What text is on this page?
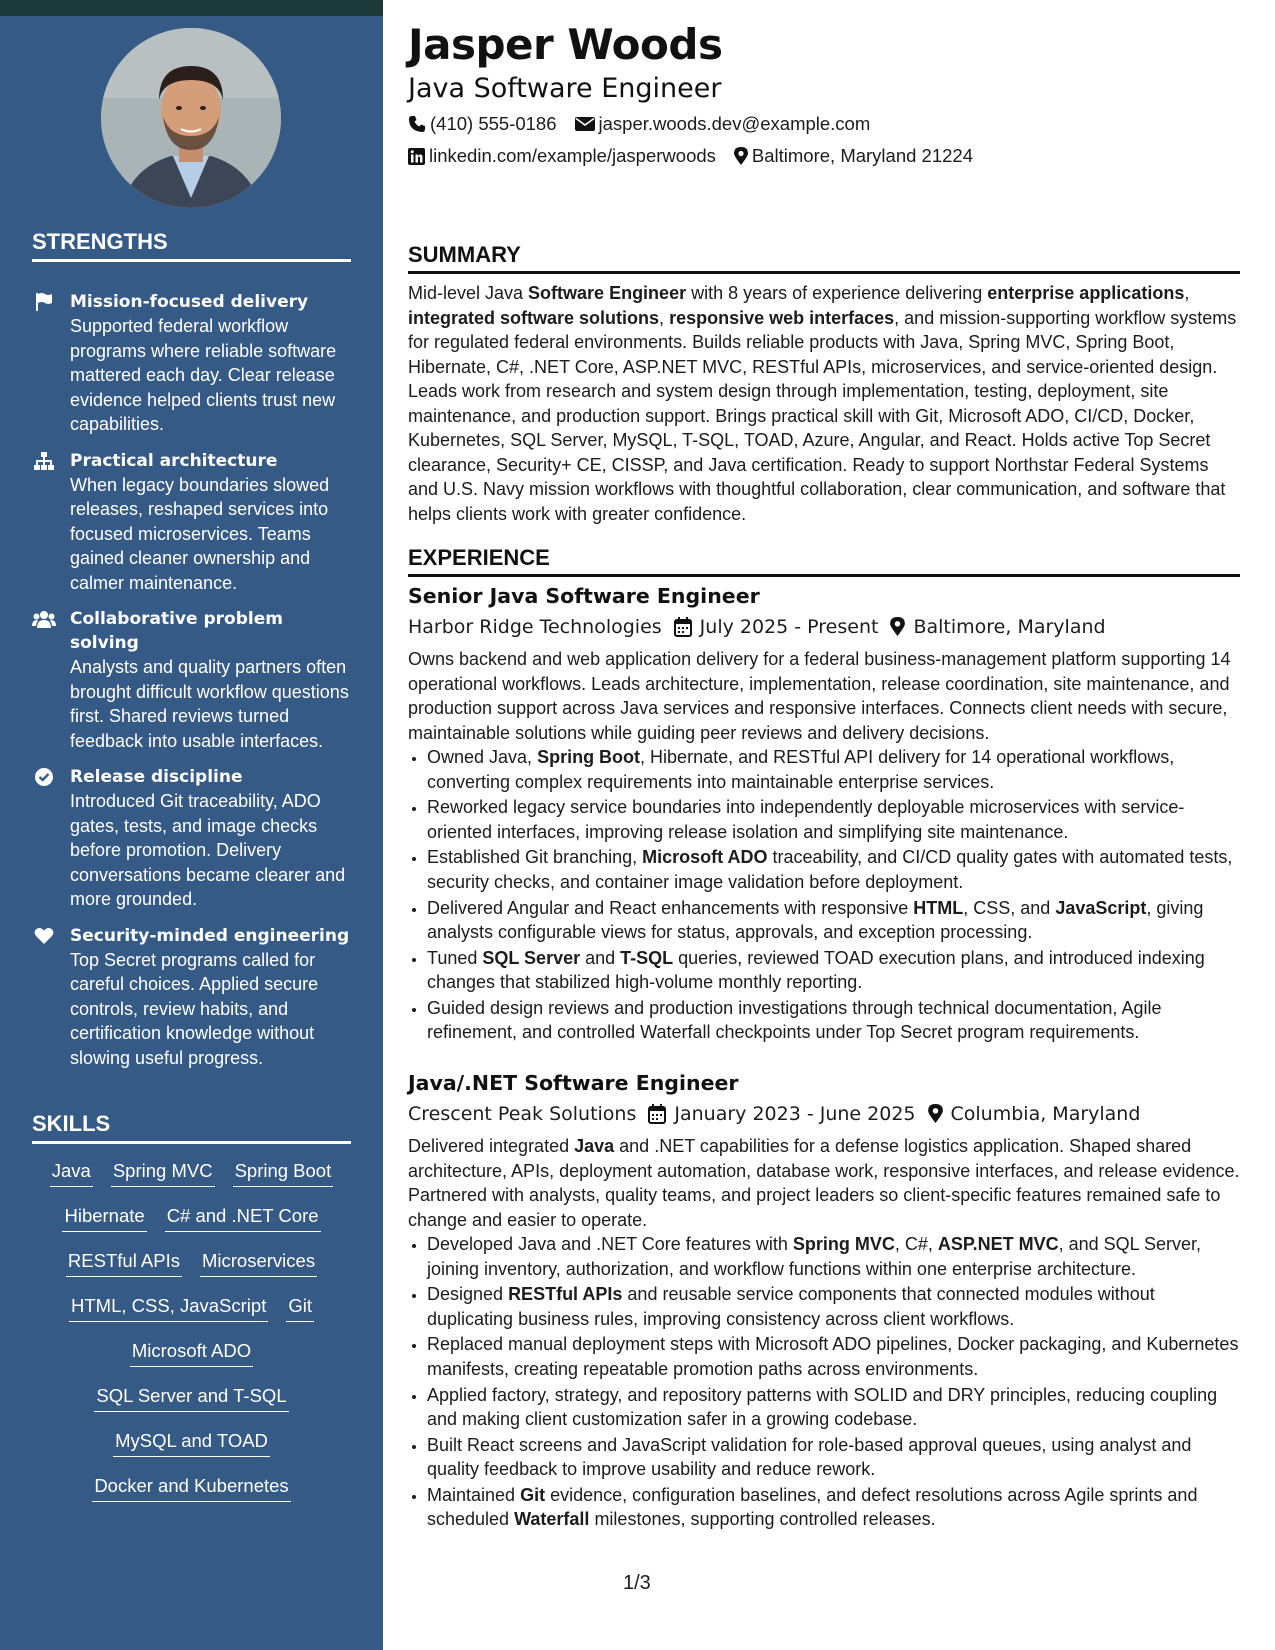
STRENGTHS
Mission-focused delivery
Supported federal workflow programs where reliable software mattered each day. Clear release evidence helped clients trust new capabilities.
Practical architecture
When legacy boundaries slowed releases, reshaped services into focused microservices. Teams gained cleaner ownership and calmer maintenance.
Collaborative problem solving
Analysts and quality partners often brought difficult workflow questions first. Shared reviews turned feedback into usable interfaces.
Release discipline
Introduced Git traceability, ADO gates, tests, and image checks before promotion. Delivery conversations became clearer and more grounded.
Security-minded engineering
Top Secret programs called for careful choices. Applied secure controls, review habits, and certification knowledge without slowing useful progress.
SKILLS
Java Spring MVC Spring Boot
Hibernate C# and .NET Core
RESTful APIs Microservices
HTML, CSS, JavaScript Git
Microsoft ADO
SQL Server and T-SQL
MySQL and TOAD
Docker and Kubernetes
Jasper Woods
Java Software Engineer
(410) 555-0186 jasper.woods.dev@example.com
linkedin.com/example/jasperwoods Baltimore, Maryland 21224
SUMMARY
Mid-level Java Software Engineer with 8 years of experience delivering enterprise applications, integrated software solutions, responsive web interfaces, and mission-supporting workflow systems for regulated federal environments. Builds reliable products with Java, Spring MVC, Spring Boot, Hibernate, C#, .NET Core, ASP.NET MVC, RESTful APIs, microservices, and service-oriented design. Leads work from research and system design through implementation, testing, deployment, site maintenance, and production support. Brings practical skill with Git, Microsoft ADO, CI/CD, Docker, Kubernetes, SQL Server, MySQL, T-SQL, TOAD, Azure, Angular, and React. Holds active Top Secret clearance, Security+ CE, CISSP, and Java certification. Ready to support Northstar Federal Systems and U.S. Navy mission workflows with thoughtful collaboration, clear communication, and software that helps clients work with greater confidence.
EXPERIENCE
Senior Java Software Engineer
Harbor Ridge Technologies July 2025 - Present Baltimore, Maryland
Owns backend and web application delivery for a federal business-management platform supporting 14 operational workflows. Leads architecture, implementation, release coordination, site maintenance, and production support across Java services and responsive interfaces. Connects client needs with secure, maintainable solutions while guiding peer reviews and delivery decisions.
• Owned Java, Spring Boot, Hibernate, and RESTful API delivery for 14 operational workflows, converting complex requirements into maintainable enterprise services.
• Reworked legacy service boundaries into independently deployable microservices with service-oriented interfaces, improving release isolation and simplifying site maintenance.
• Established Git branching, Microsoft ADO traceability, and CI/CD quality gates with automated tests, security checks, and container image validation before deployment.
• Delivered Angular and React enhancements with responsive HTML, CSS, and JavaScript, giving analysts configurable views for status, approvals, and exception processing.
• Tuned SQL Server and T-SQL queries, reviewed TOAD execution plans, and introduced indexing changes that stabilized high-volume monthly reporting.
• Guided design reviews and production investigations through technical documentation, Agile refinement, and controlled Waterfall checkpoints under Top Secret program requirements.
Java/.NET Software Engineer
Crescent Peak Solutions January 2023 - June 2025 Columbia, Maryland
Delivered integrated Java and .NET capabilities for a defense logistics application. Shaped shared architecture, APIs, deployment automation, database work, responsive interfaces, and release evidence. Partnered with analysts, quality teams, and project leaders so client-specific features remained safe to change and easier to operate.
• Developed Java and .NET Core features with Spring MVC, C#, ASP.NET MVC, and SQL Server, joining inventory, authorization, and workflow functions within one enterprise architecture.
• Designed RESTful APIs and reusable service components that connected modules without duplicating business rules, improving consistency across client workflows.
• Replaced manual deployment steps with Microsoft ADO pipelines, Docker packaging, and Kubernetes manifests, creating repeatable promotion paths across environments.
• Applied factory, strategy, and repository patterns with SOLID and DRY principles, reducing coupling and making client customization safer in a growing codebase.
• Built React screens and JavaScript validation for role-based approval queues, using analyst and quality feedback to improve usability and reduce rework.
• Maintained Git evidence, configuration baselines, and defect resolutions across Agile sprints and scheduled Waterfall milestones, supporting controlled releases.
1/3
